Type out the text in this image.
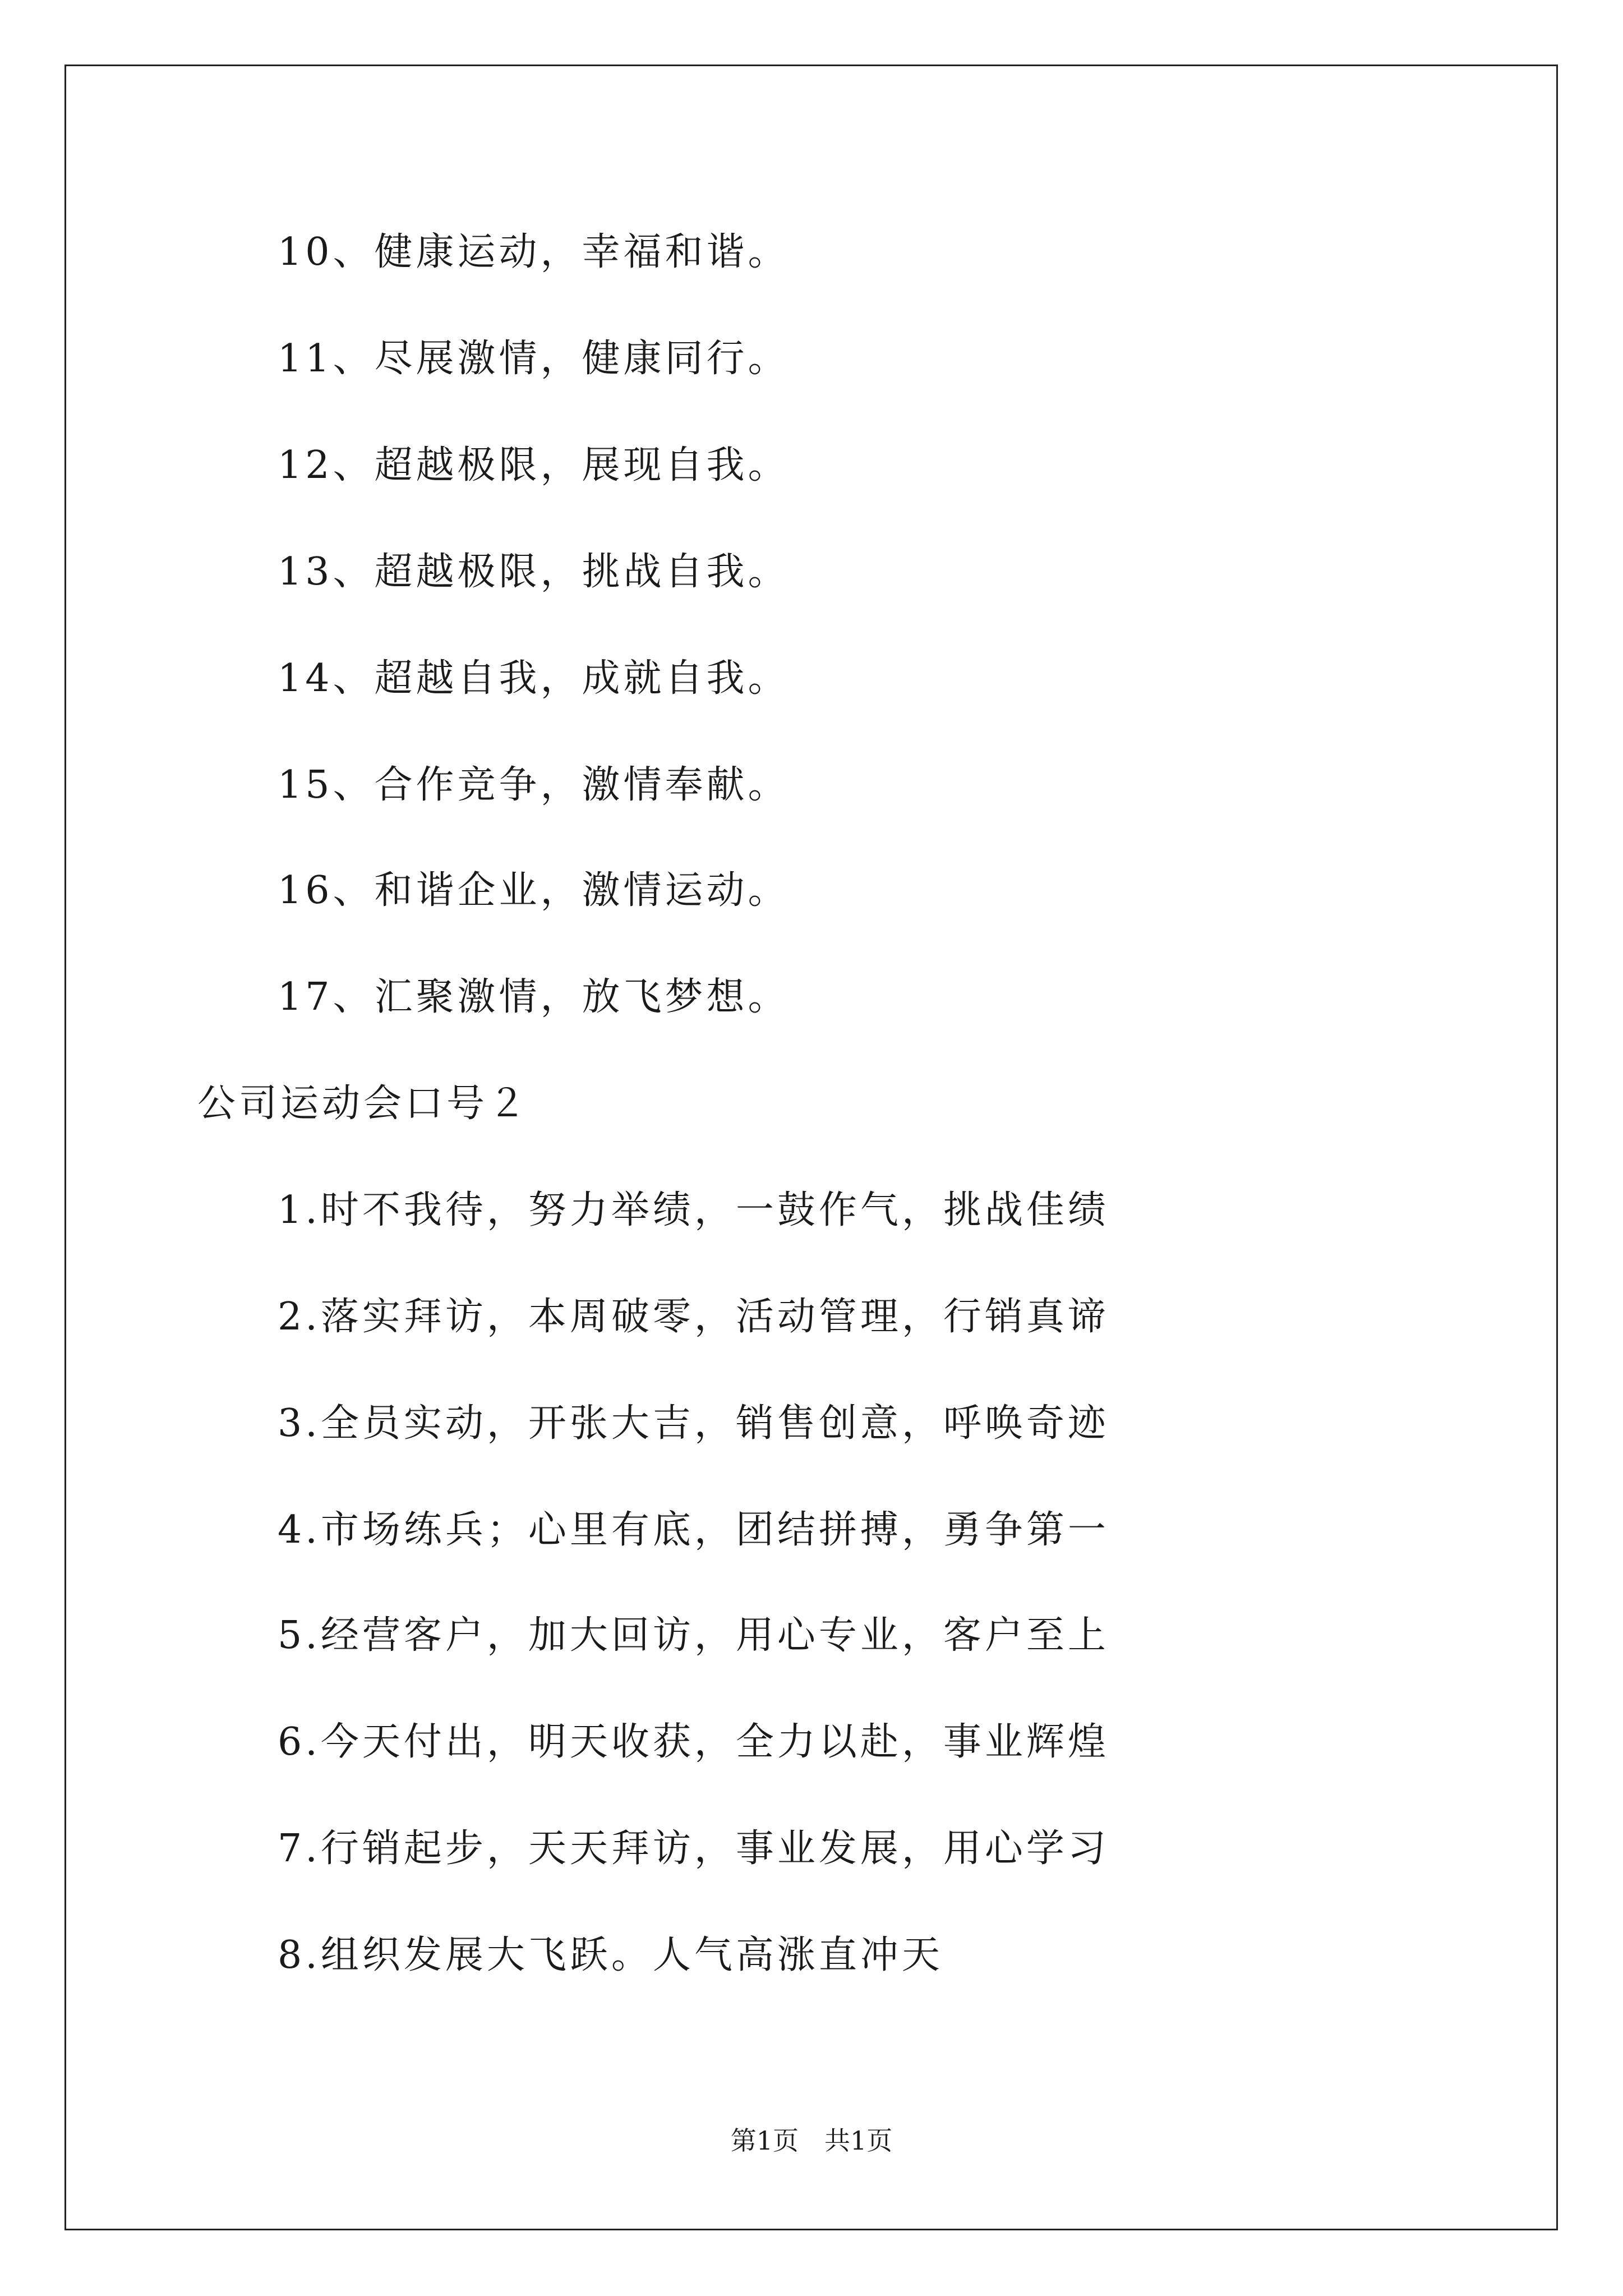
10、健康运动，幸福和谐。
11、尽展激情，健康同行。
12、超越极限，展现自我。
13、超越极限，挑战自我。
14、超越自我，成就自我。
15、合作竞争，激情奉献。
16、和谐企业，激情运动。
17、汇聚激情，放飞梦想。
公司运动会口号２
1.时不我待，努力举绩，一鼓作气，挑战佳绩
2.落实拜访，本周破零，活动管理，行销真谛
3.全员实动，开张大吉，销售创意，呼唤奇迹
4.市场练兵；心里有底，团结拼搏，勇争第一
5.经营客户，加大回访，用心专业，客户至上
6.今天付出，明天收获，全力以赴，事业辉煌
7.行销起步，天天拜访，事业发展，用心学习
8.组织发展大飞跃。人气高涨直冲天
第1页　共1页
